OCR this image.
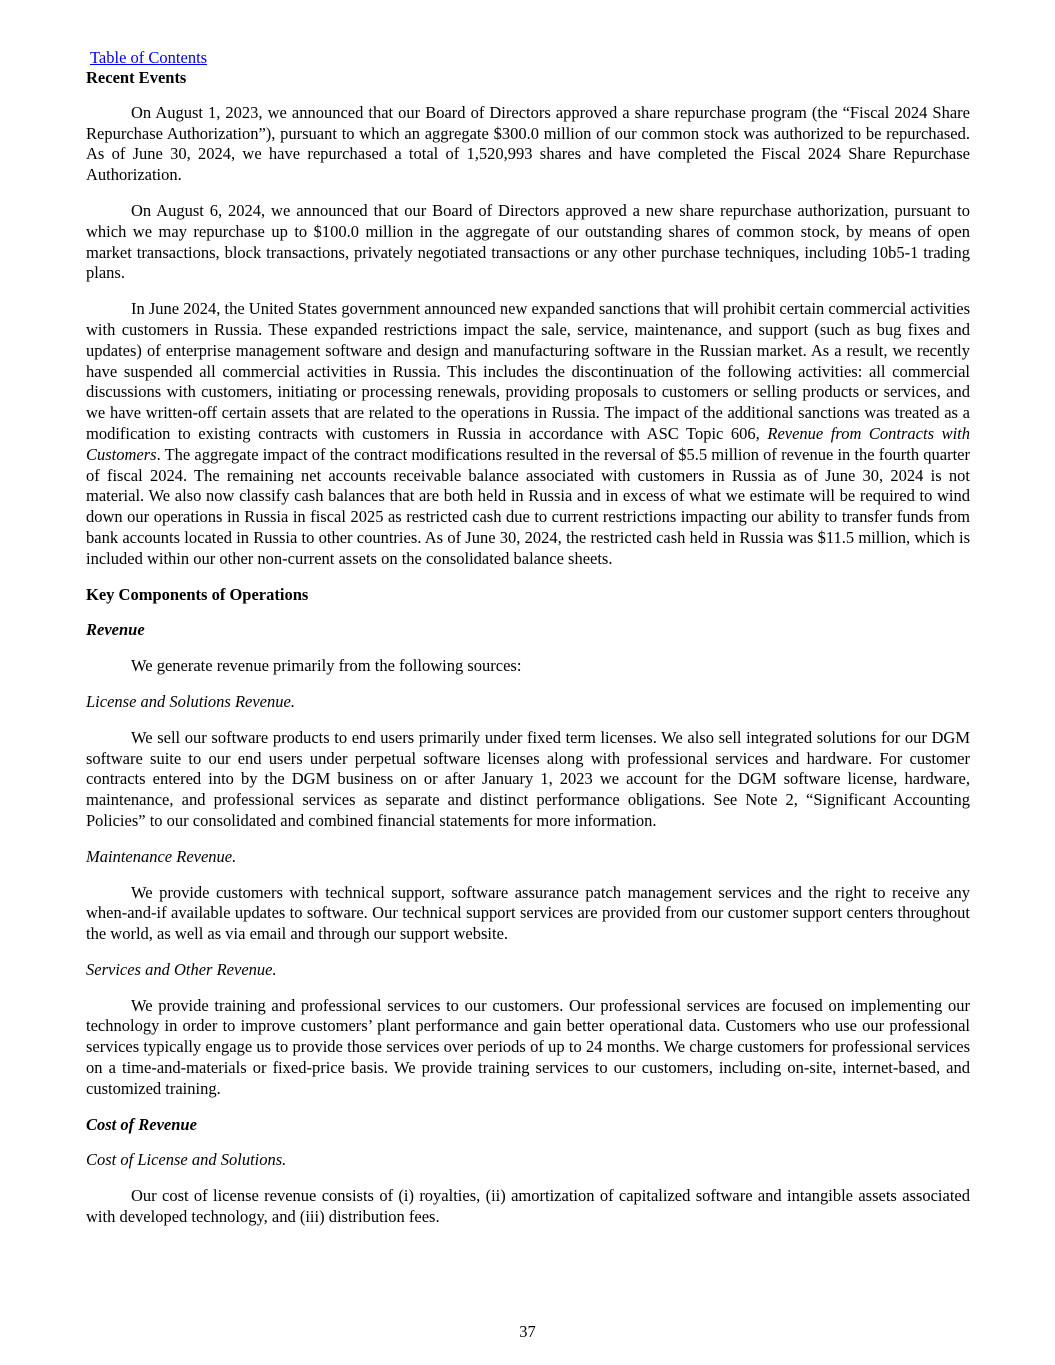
Table of Contents
Recent Events

On August 1, 2023, we announced that our Board of Directors approved a share repurchase program (the “Fiscal 2024 Share Repurchase Authorization”), pursuant to which an aggregate $300.0 million of our common stock was authorized to be repurchased. As of June 30, 2024, we have repurchased a total of 1,520,993 shares and have completed the Fiscal 2024 Share Repurchase Authorization.

On August 6, 2024, we announced that our Board of Directors approved a new share repurchase authorization, pursuant to which we may repurchase up to $100.0 million in the aggregate of our outstanding shares of common stock, by means of open market transactions, block transactions, privately negotiated transactions or any other purchase techniques, including 10b5-1 trading plans.

In June 2024, the United States government announced new expanded sanctions that will prohibit certain commercial activities with customers in Russia. These expanded restrictions impact the sale, service, maintenance, and support (such as bug fixes and updates) of enterprise management software and design and manufacturing software in the Russian market. As a result, we recently have suspended all commercial activities in Russia. This includes the discontinuation of the following activities: all commercial discussions with customers, initiating or processing renewals, providing proposals to customers or selling products or services, and we have written-off certain assets that are related to the operations in Russia. The impact of the additional sanctions was treated as a modification to existing contracts with customers in Russia in accordance with ASC Topic 606, Revenue from Contracts with Customers. The aggregate impact of the contract modifications resulted in the reversal of $5.5 million of revenue in the fourth quarter of fiscal 2024. The remaining net accounts receivable balance associated with customers in Russia as of June 30, 2024 is not material. We also now classify cash balances that are both held in Russia and in excess of what we estimate will be required to wind down our operations in Russia in fiscal 2025 as restricted cash due to current restrictions impacting our ability to transfer funds from bank accounts located in Russia to other countries. As of June 30, 2024, the restricted cash held in Russia was $11.5 million, which is included within our other non-current assets on the consolidated balance sheets.

Key Components of Operations
Revenue

We generate revenue primarily from the following sources:

License and Solutions Revenue.

We sell our software products to end users primarily under fixed term licenses. We also sell integrated solutions for our DGM software suite to our end users under perpetual software licenses along with professional services and hardware. For customer contracts entered into by the DGM business on or after January 1, 2023 we account for the DGM software license, hardware, maintenance, and professional services as separate and distinct performance obligations. See Note 2, “Significant Accounting Policies” to our consolidated and combined financial statements for more information.

Maintenance Revenue.

We provide customers with technical support, software assurance patch management services and the right to receive any when-and-if available updates to software. Our technical support services are provided from our customer support centers throughout the world, as well as via email and through our support website.

Services and Other Revenue.

We provide training and professional services to our customers. Our professional services are focused on implementing our technology in order to improve customers’ plant performance and gain better operational data. Customers who use our professional services typically engage us to provide those services over periods of up to 24 months. We charge customers for professional services on a time-and-materials or fixed-price basis. We provide training services to our customers, including on-site, internet-based, and customized training.

Cost of Revenue
Cost of License and Solutions.

Our cost of license revenue consists of (i) royalties, (ii) amortization of capitalized software and intangible assets associated with developed technology, and (iii) distribution fees.

37
